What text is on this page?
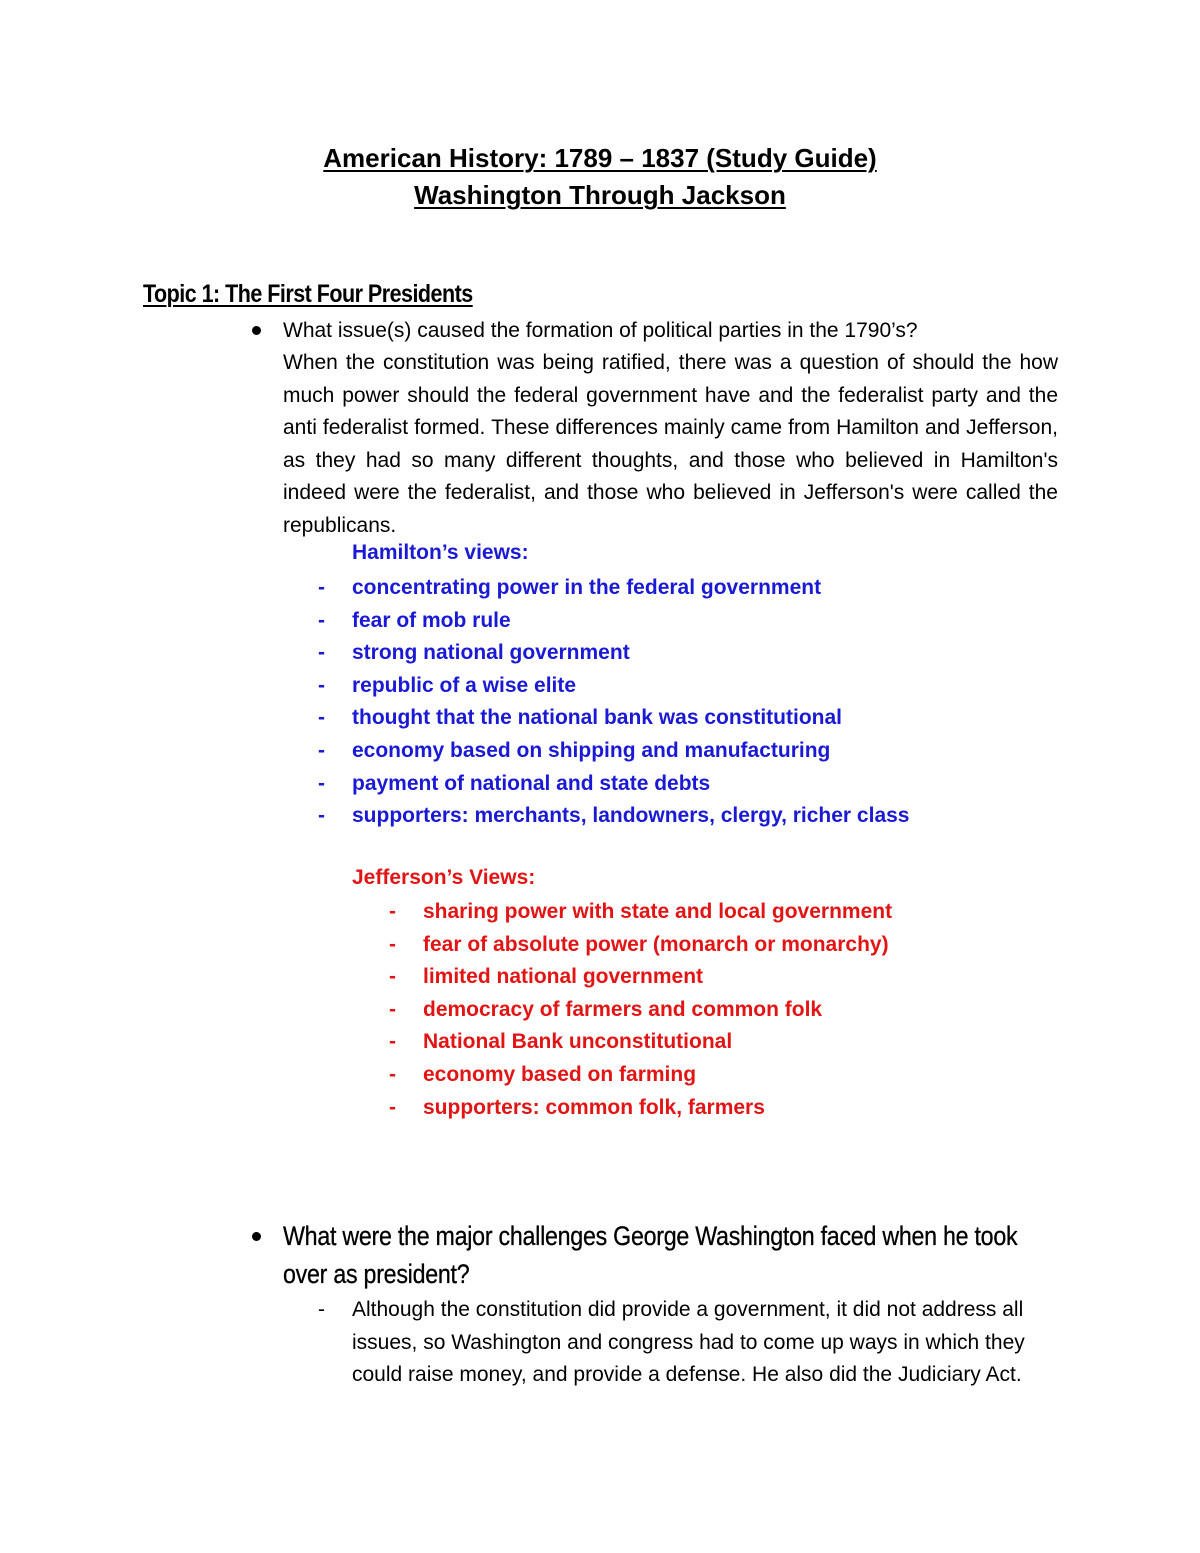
American History: 1789 – 1837 (Study Guide)
Washington Through Jackson
Topic 1: The First Four Presidents
What issue(s) caused the formation of political parties in the 1790’s?
When the constitution was being ratified, there was a question of should the how much power should the federal government have and the federalist party and the anti federalist formed. These differences mainly came from Hamilton and Jefferson, as they had so many different thoughts, and those who believed in Hamilton's indeed were the federalist, and those who believed in Jefferson's were called the republicans.
Hamilton’s views:
- concentrating power in the federal government
- fear of mob rule
- strong national government
- republic of a wise elite
- thought that the national bank was constitutional
- economy based on shipping and manufacturing
- payment of national and state debts
- supporters: merchants, landowners, clergy, richer class
Jefferson’s Views:
- sharing power with state and local government
- fear of absolute power (monarch or monarchy)
- limited national government
- democracy of farmers and common folk
- National Bank unconstitutional
- economy based on farming
- supporters: common folk, farmers
What were the major challenges George Washington faced when he took over as president?
- Although the constitution did provide a government, it did not address all issues, so Washington and congress had to come up ways in which they could raise money, and provide a defense. He also did the Judiciary Act.
